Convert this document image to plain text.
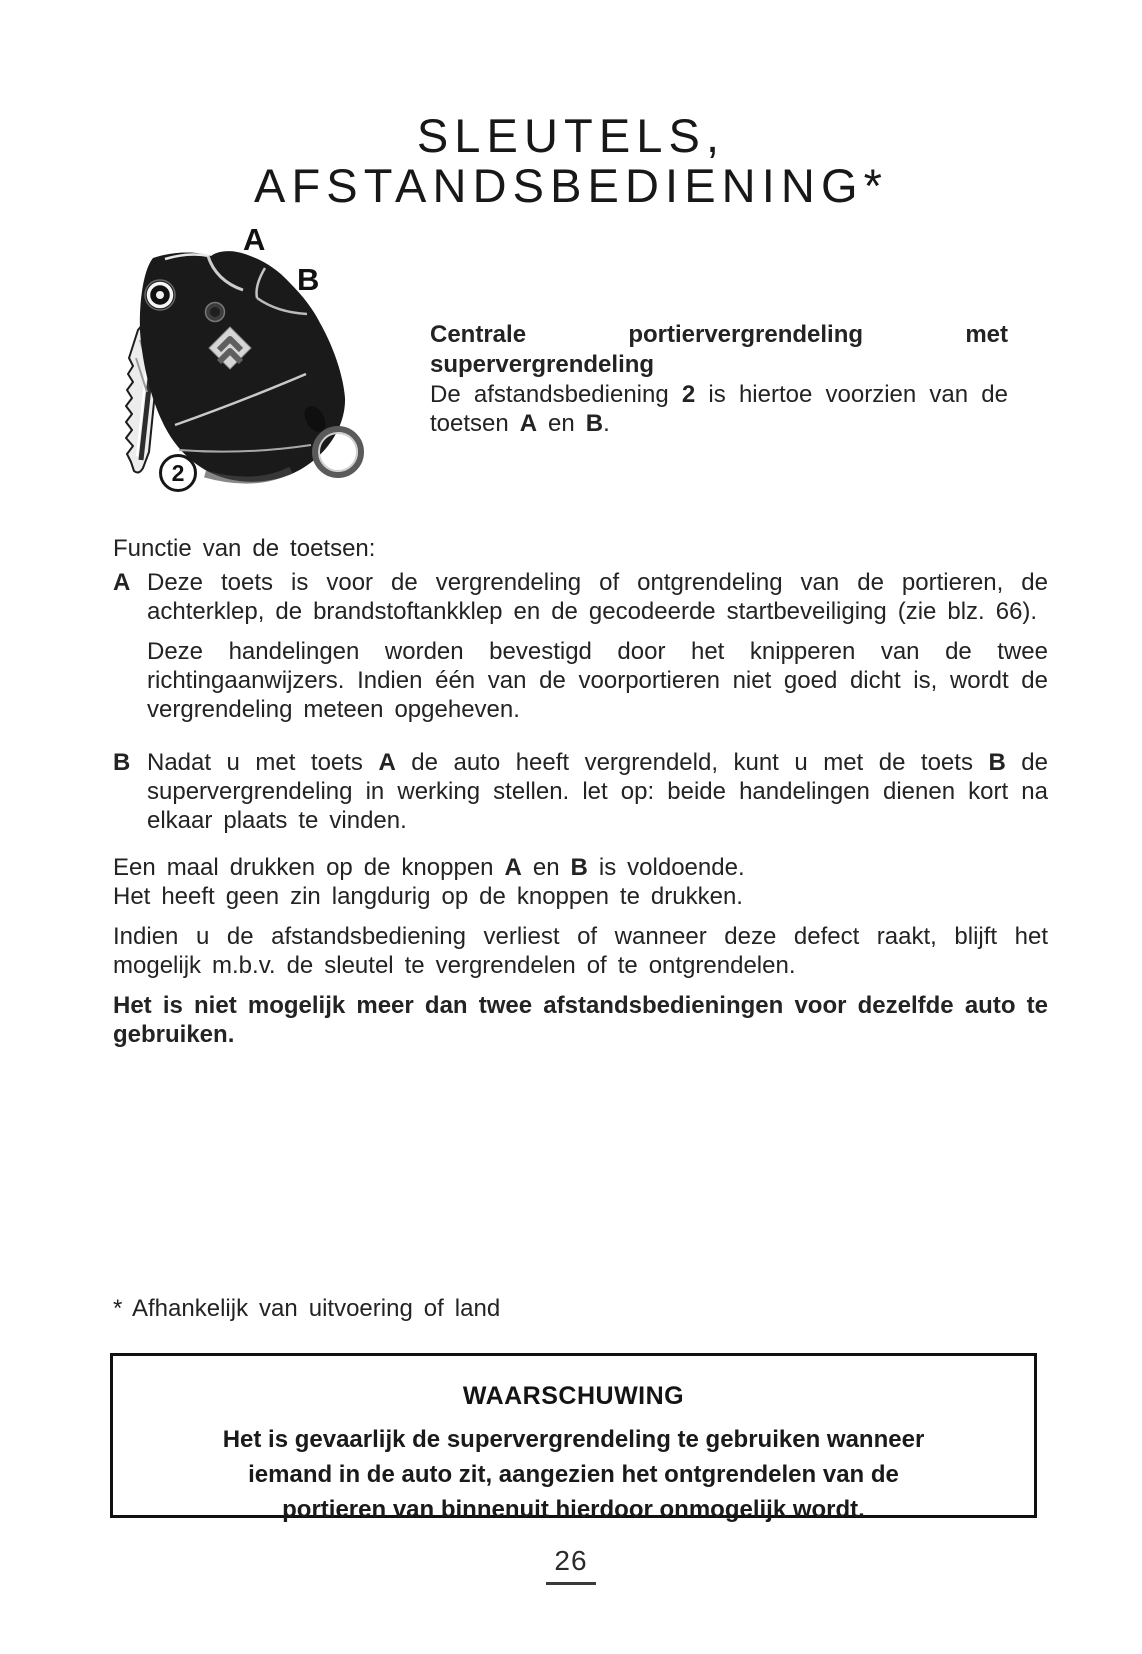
SLEUTELS,
AFSTANDSBEDIENING*
A
B
2
Centrale portiervergrendeling met supervergrendeling

De afstandsbediening 2 is hiertoe voorzien van de toetsen A en B.

Functie van de toetsen:

A Deze toets is voor de vergrendeling of ontgrendeling van de portieren, de achterklep, de brandstoftankklep en de gecodeerde startbeveiliging (zie blz. 66).

Deze handelingen worden bevestigd door het knipperen van de twee richtingaanwijzers. Indien één van de voorportieren niet goed dicht is, wordt de vergrendeling meteen opgeheven.

B Nadat u met toets A de auto heeft vergrendeld, kunt u met de toets B de supervergrendeling in werking stellen. let op: beide handelingen dienen kort na elkaar plaats te vinden.

Een maal drukken op de knoppen A en B is voldoende.
Het heeft geen zin langdurig op de knoppen te drukken.

Indien u de afstandsbediening verliest of wanneer deze defect raakt, blijft het mogelijk m.b.v. de sleutel te vergrendelen of te ontgrendelen.

Het is niet mogelijk meer dan twee afstandsbedieningen voor dezelfde auto te gebruiken.

* Afhankelijk van uitvoering of land

WAARSCHUWING

Het is gevaarlijk de supervergrendeling te gebruiken wanneer iemand in de auto zit, aangezien het ontgrendelen van de portieren van binnenuit hierdoor onmogelijk wordt.

26
